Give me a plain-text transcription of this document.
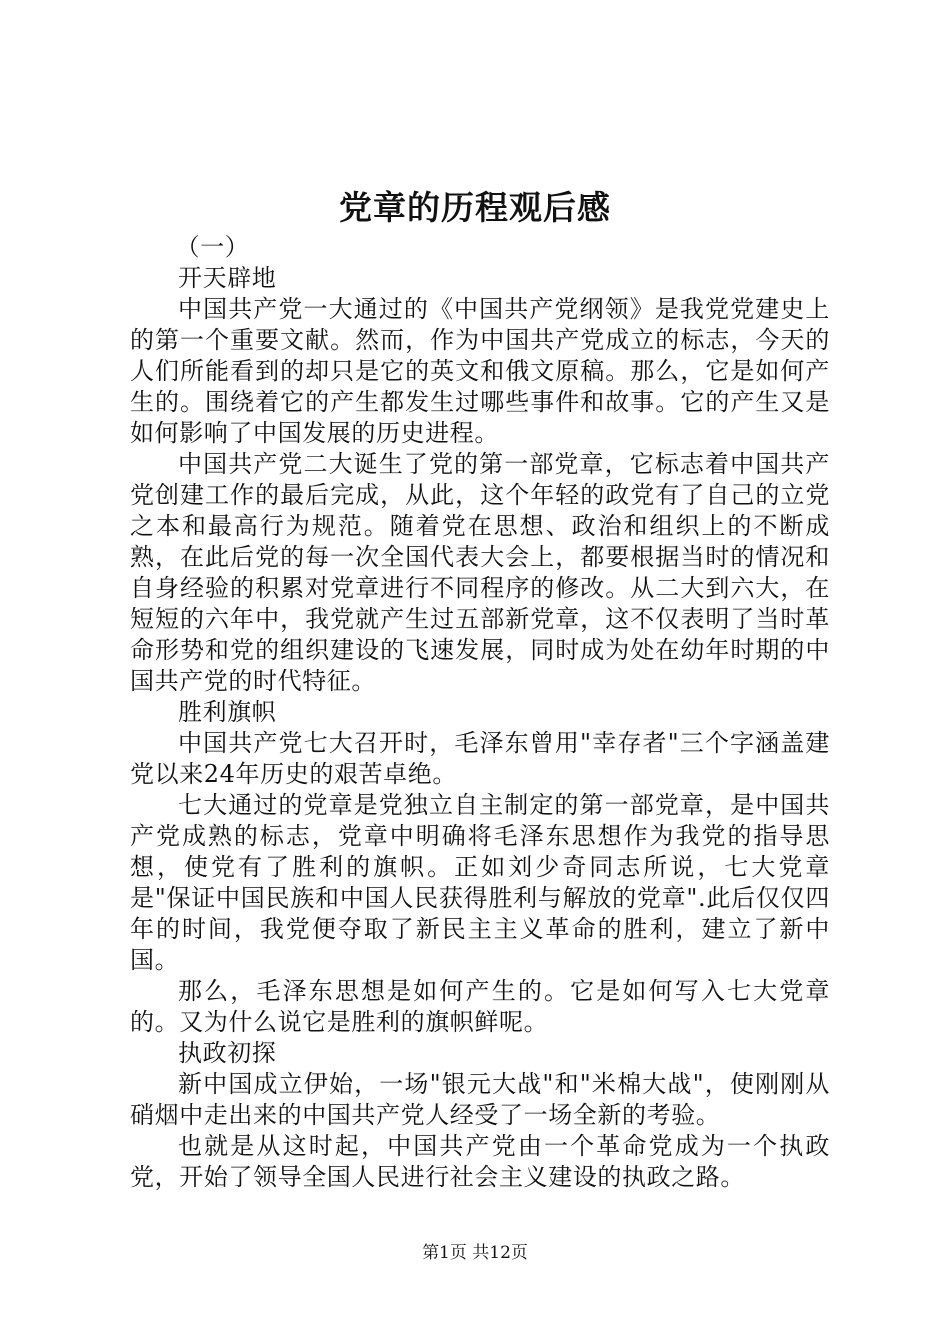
党章的历程观后感

（一）

开天辟地

中国共产党一大通过的《中国共产党纲领》是我党党建史上的第一个重要文献。然而，作为中国共产党成立的标志，今天的人们所能看到的却只是它的英文和俄文原稿。那么，它是如何产生的。围绕着它的产生都发生过哪些事件和故事。它的产生又是如何影响了中国发展的历史进程。

中国共产党二大诞生了党的第一部党章，它标志着中国共产党创建工作的最后完成，从此，这个年轻的政党有了自己的立党之本和最高行为规范。随着党在思想、政治和组织上的不断成熟，在此后党的每一次全国代表大会上，都要根据当时的情况和自身经验的积累对党章进行不同程序的修改。从二大到六大，在短短的六年中，我党就产生过五部新党章，这不仅表明了当时革命形势和党的组织建设的飞速发展，同时成为处在幼年时期的中国共产党的时代特征。

胜利旗帜

中国共产党七大召开时，毛泽东曾用"幸存者"三个字涵盖建党以来24年历史的艰苦卓绝。

七大通过的党章是党独立自主制定的第一部党章，是中国共产党成熟的标志，党章中明确将毛泽东思想作为我党的指导思想，使党有了胜利的旗帜。正如刘少奇同志所说，七大党章是"保证中国民族和中国人民获得胜利与解放的党章".此后仅仅四年的时间，我党便夺取了新民主主义革命的胜利，建立了新中国。

那么，毛泽东思想是如何产生的。它是如何写入七大党章的。又为什么说它是胜利的旗帜鲜呢。

执政初探

新中国成立伊始，一场"银元大战"和"米棉大战"，使刚刚从硝烟中走出来的中国共产党人经受了一场全新的考验。

也就是从这时起，中国共产党由一个革命党成为一个执政党，开始了领导全国人民进行社会主义建设的执政之路。

第1页 共12页
